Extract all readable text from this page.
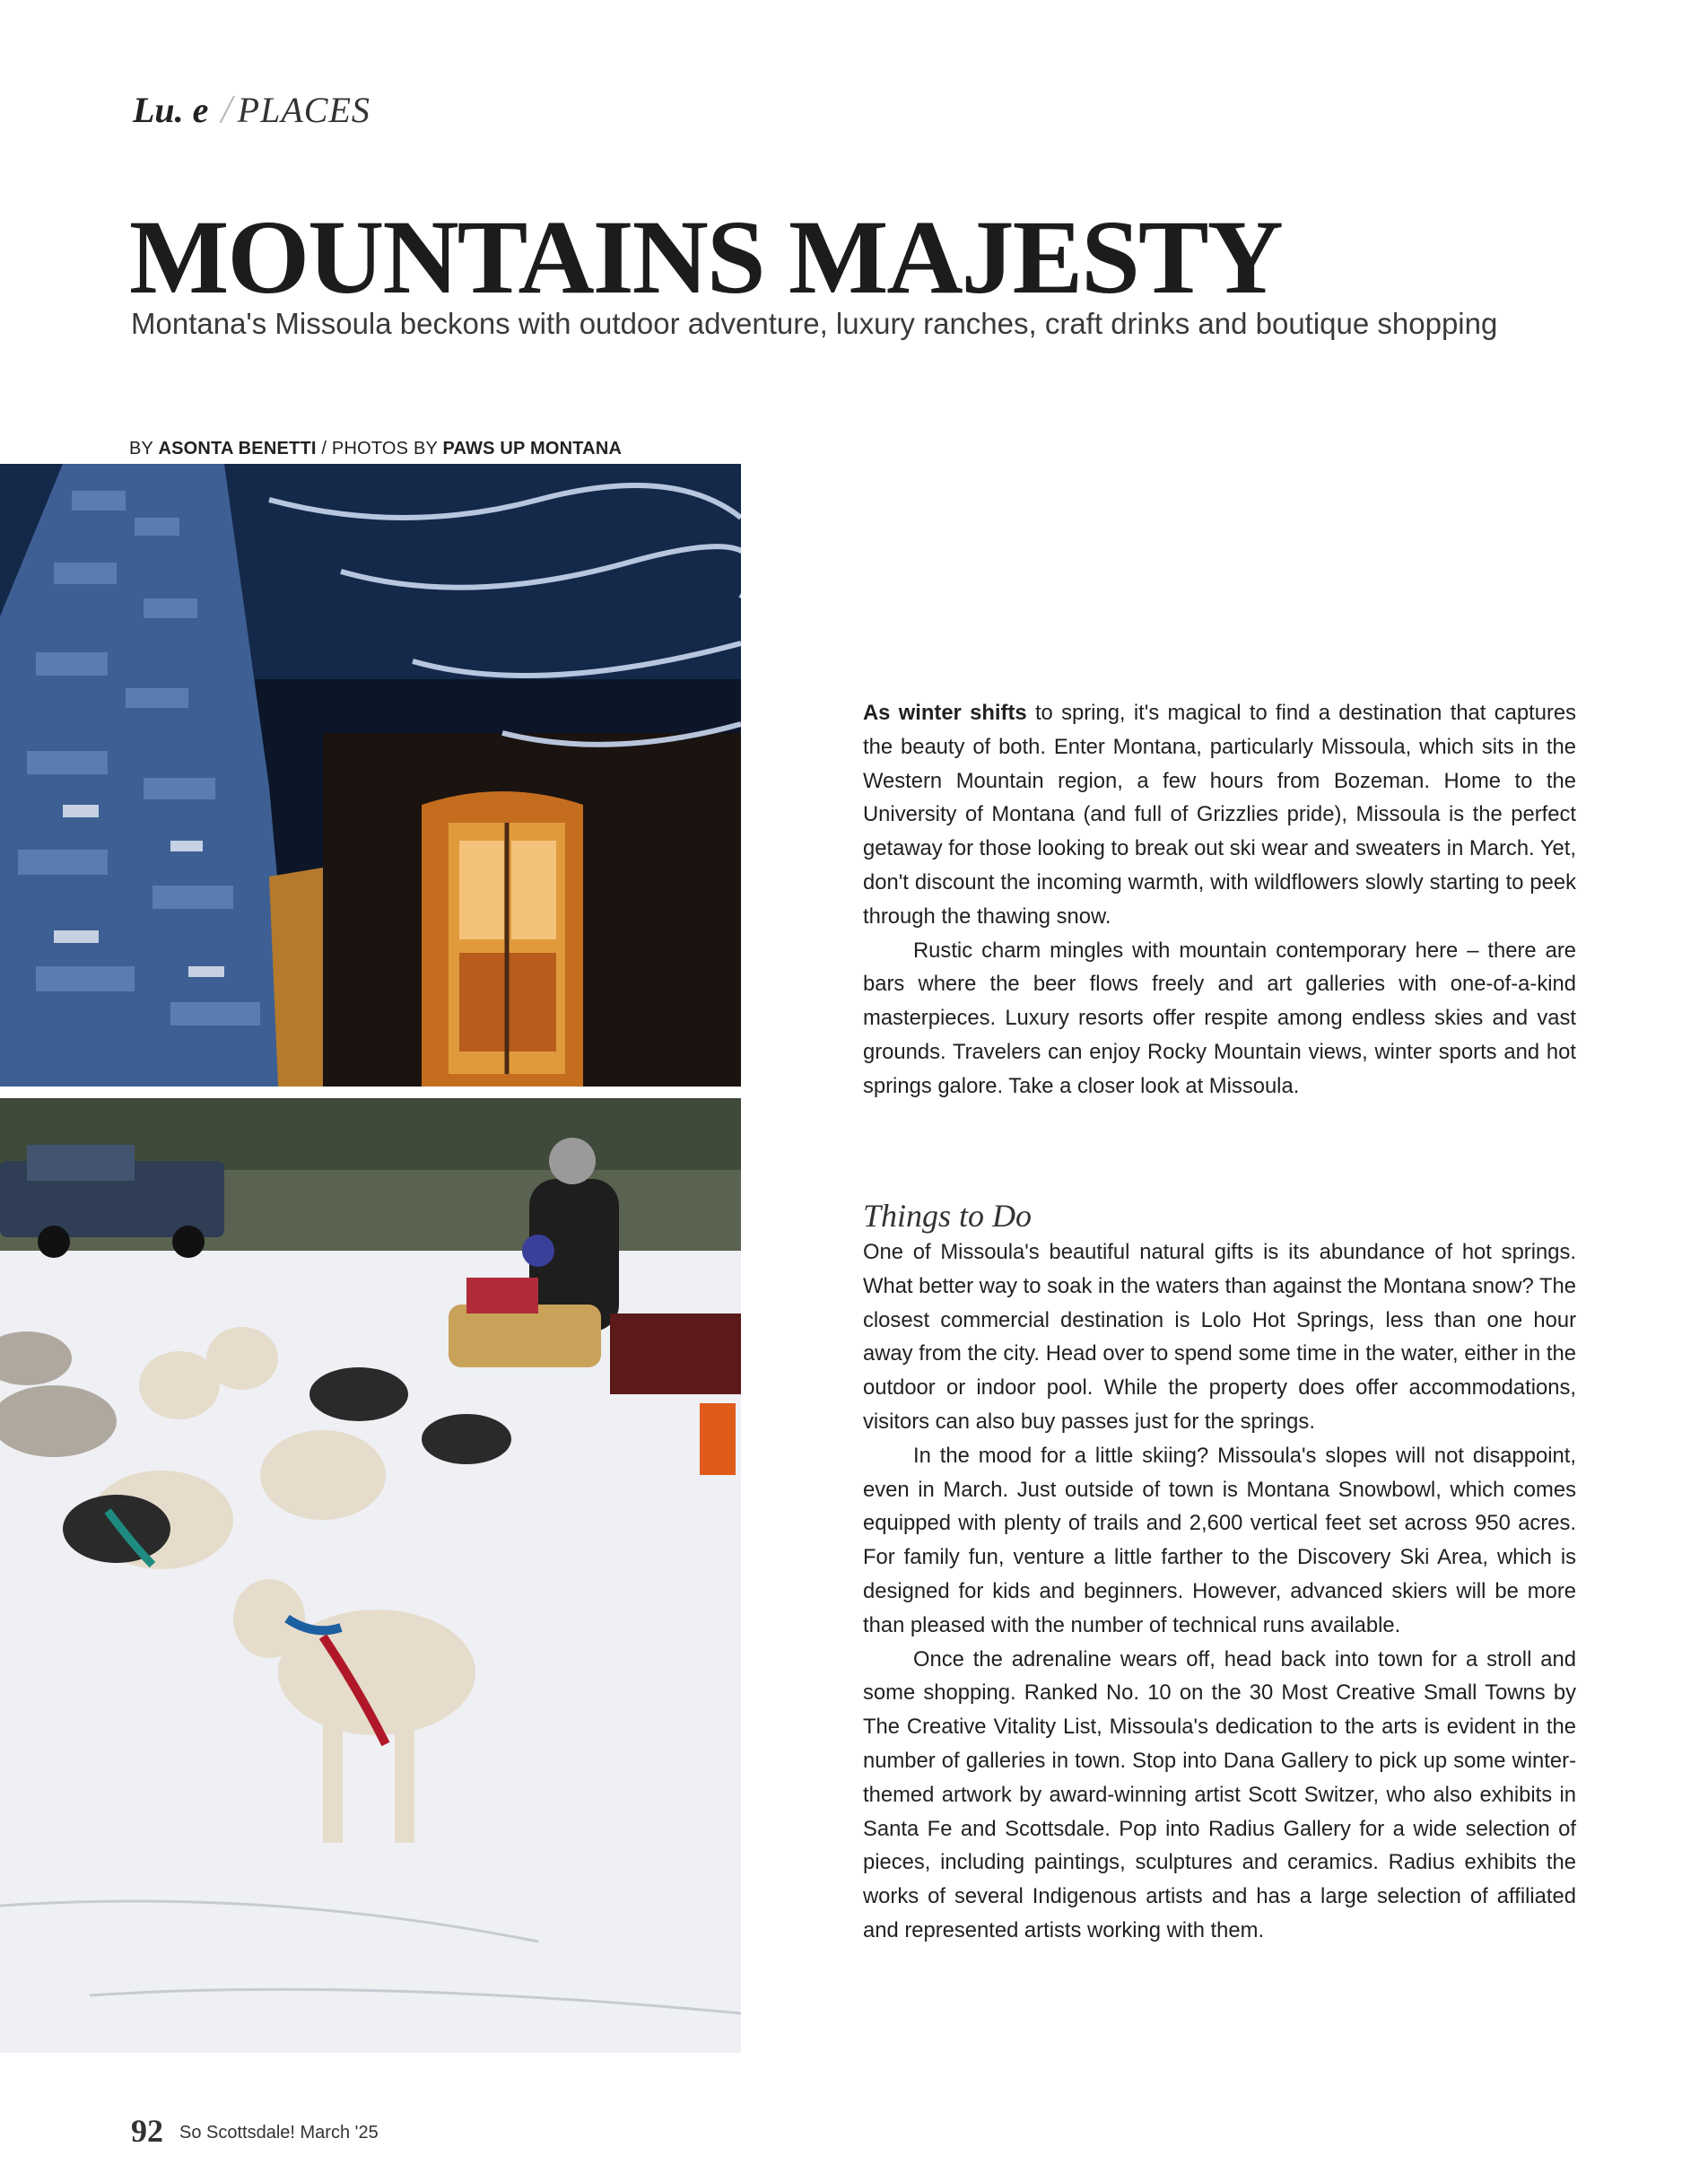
Lu. e / PLACES
MOUNTAINS MAJESTY
Montana's Missoula beckons with outdoor adventure, luxury ranches, craft drinks and boutique shopping
BY ASONTA BENETTI / PHOTOS BY PAWS UP MONTANA

As winter shifts to spring, it's magical to find a destination that captures the beauty of both. Enter Montana, particularly Missoula, which sits in the Western Mountain region, a few hours from Bozeman. Home to the University of Montana (and full of Grizzlies pride), Missoula is the perfect getaway for those looking to break out ski wear and sweaters in March. Yet, don't discount the incoming warmth, with wildflowers slowly starting to peek through the thawing snow.

Rustic charm mingles with mountain contemporary here – there are bars where the beer flows freely and art galleries with one-of-a-kind masterpieces. Luxury resorts offer respite among endless skies and vast grounds. Travelers can enjoy Rocky Mountain views, winter sports and hot springs galore. Take a closer look at Missoula.

Things to Do

One of Missoula's beautiful natural gifts is its abundance of hot springs. What better way to soak in the waters than against the Montana snow? The closest commercial destination is Lolo Hot Springs, less than one hour away from the city. Head over to spend some time in the water, either in the outdoor or indoor pool. While the property does offer accommodations, visitors can also buy passes just for the springs.

In the mood for a little skiing? Missoula's slopes will not disappoint, even in March. Just outside of town is Montana Snowbowl, which comes equipped with plenty of trails and 2,600 vertical feet set across 950 acres. For family fun, venture a little farther to the Discovery Ski Area, which is designed for kids and beginners. However, advanced skiers will be more than pleased with the number of technical runs available.

Once the adrenaline wears off, head back into town for a stroll and some shopping. Ranked No. 10 on the 30 Most Creative Small Towns by The Creative Vitality List, Missoula's dedication to the arts is evident in the number of galleries in town. Stop into Dana Gallery to pick up some winter-themed artwork by award-winning artist Scott Switzer, who also exhibits in Santa Fe and Scottsdale. Pop into Radius Gallery for a wide selection of pieces, including paintings, sculptures and ceramics. Radius exhibits the works of several Indigenous artists and has a large selection of affiliated and represented artists working with them.

92 So Scottsdale! March '25
